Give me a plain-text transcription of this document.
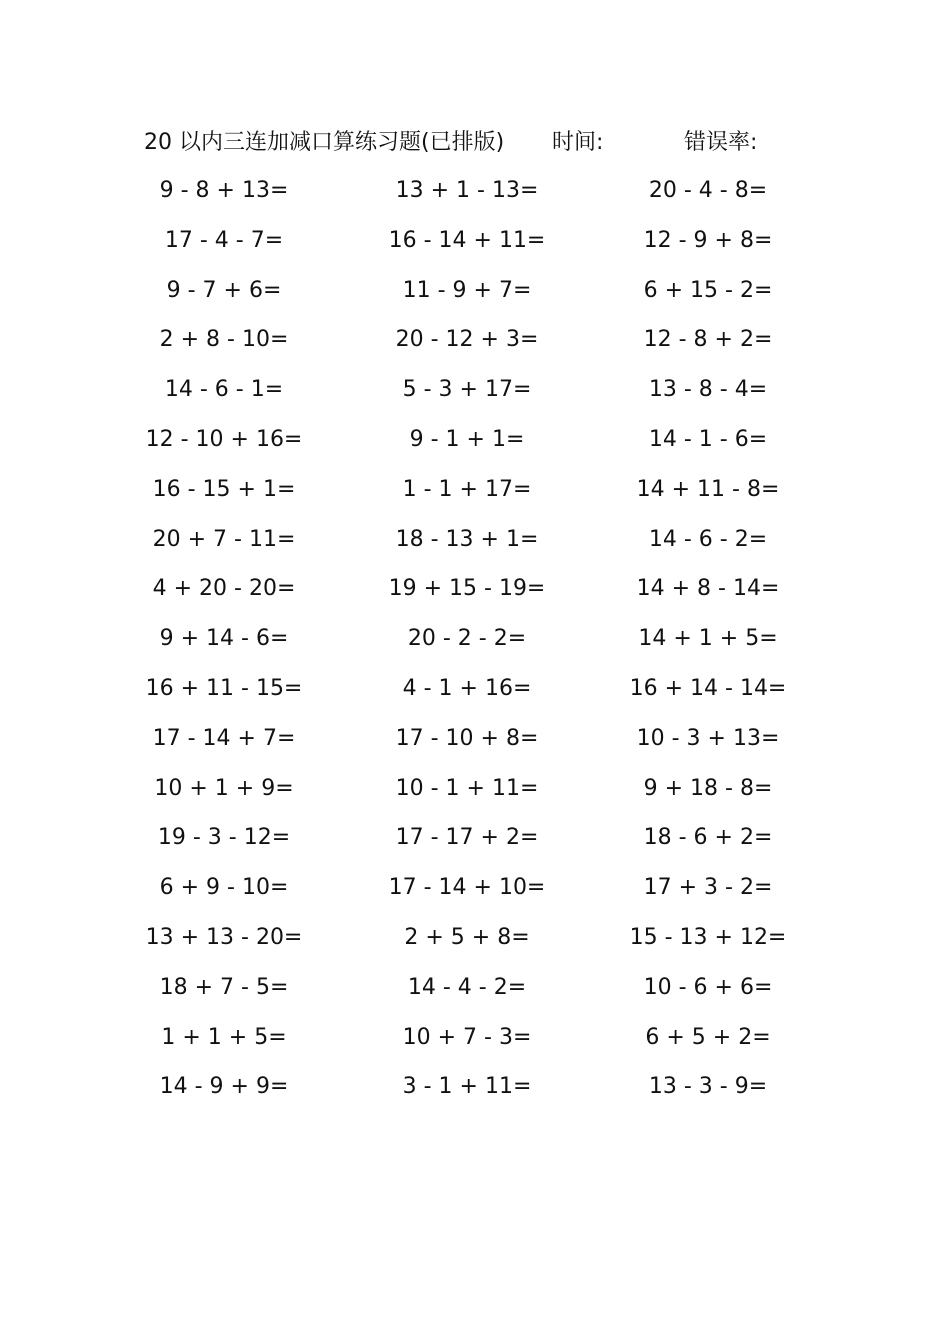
20 以内三连加减口算练习题(已排版) 时间:	错误率:
9 - 8 + 13=	13 + 1 - 13=	20 - 4 - 8=
17 - 4 - 7=	16 - 14 + 11=	12 - 9 + 8=
9 - 7 + 6=	11 - 9 + 7=	6 + 15 - 2=
2 + 8 - 10=	20 - 12 + 3=	12 - 8 + 2=
14 - 6 - 1=	5 - 3 + 17=	13 - 8 - 4=
12 - 10 + 16=	9 - 1 + 1=	14 - 1 - 6=
16 - 15 + 1=	1 - 1 + 17=	14 + 11 - 8=
20 + 7 - 11=	18 - 13 + 1=	14 - 6 - 2=
4 + 20 - 20=	19 + 15 - 19=	14 + 8 - 14=
9 + 14 - 6=	20 - 2 - 2=	14 + 1 + 5=
16 + 11 - 15=	4 - 1 + 16=	16 + 14 - 14=
17 - 14 + 7=	17 - 10 + 8=	10 - 3 + 13=
10 + 1 + 9=	10 - 1 + 11=	9 + 18 - 8=
19 - 3 - 12=	17 - 17 + 2=	18 - 6 + 2=
6 + 9 - 10=	17 - 14 + 10=	17 + 3 - 2=
13 + 13 - 20=	2 + 5 + 8=	15 - 13 + 12=
18 + 7 - 5=	14 - 4 - 2=	10 - 6 + 6=
1 + 1 + 5=	10 + 7 - 3=	6 + 5 + 2=
14 - 9 + 9=	3 - 1 + 11=	13 - 3 - 9=
